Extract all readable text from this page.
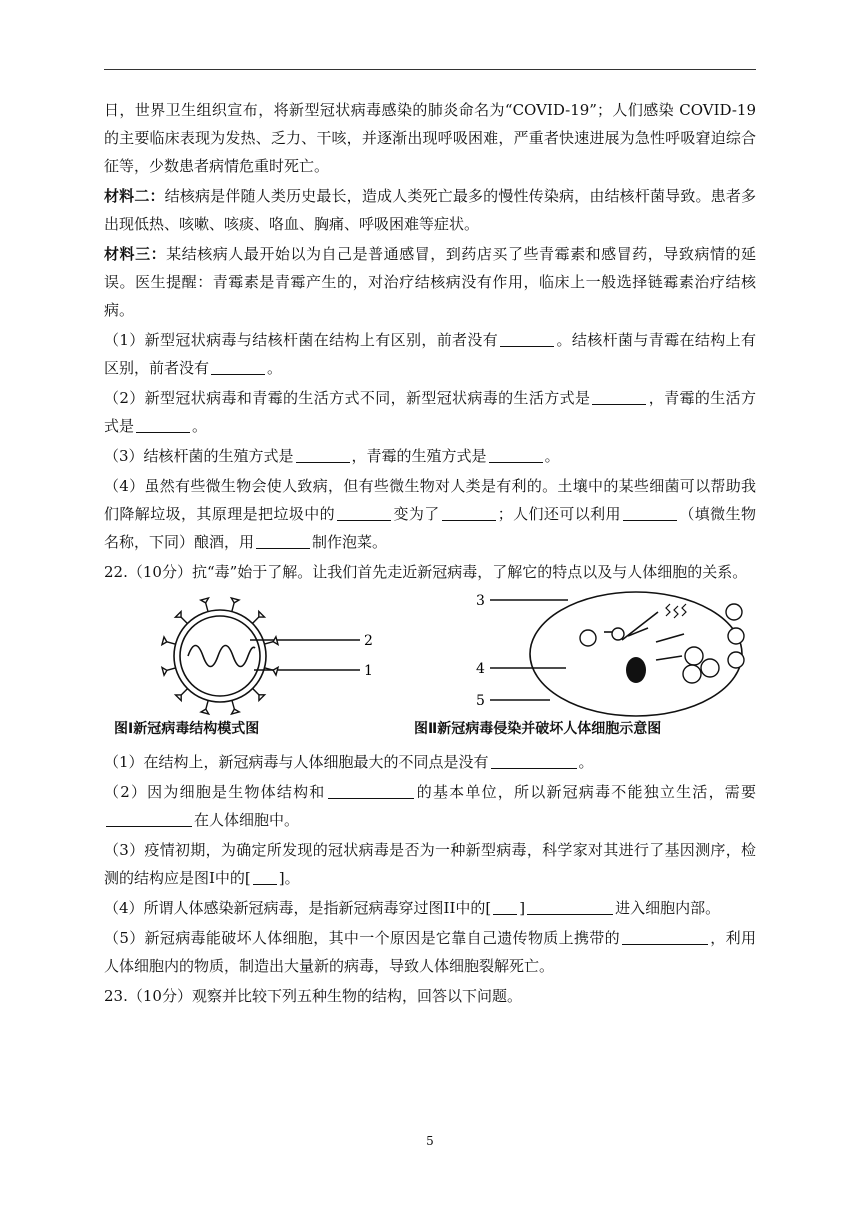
日，世界卫生组织宣布，将新型冠状病毒感染的肺炎命名为“COVID-19”；人们感染 COVID-19 的主要临床表现为发热、乏力、干咳，并逐渐出现呼吸困难，严重者快速进展为急性呼吸窘迫综合征等，少数患者病情危重时死亡。

材料二：结核病是伴随人类历史最长，造成人类死亡最多的慢性传染病，由结核杆菌导致。患者多出现低热、咳嗽、咳痰、咯血、胸痛、呼吸困难等症状。

材料三：某结核病人最开始以为自己是普通感冒，到药店买了些青霉素和感冒药，导致病情的延误。医生提醒：青霉素是青霉产生的，对治疗结核病没有作用，临床上一般选择链霉素治疗结核病。

（1）新型冠状病毒与结核杆菌在结构上有区别，前者没有	。结核杆菌与青霉在结构上有区别，前者没有	。

（2）新型冠状病毒和青霉的生活方式不同，新型冠状病毒的生活方式是	，青霉的生活方式是	。

（3）结核杆菌的生殖方式是	，青霉的生殖方式是	。

（4）虽然有些微生物会使人致病，但有些微生物对人类是有利的。土壤中的某些细菌可以帮助我们降解垃圾，其原理是把垃圾中的	变为了	；人们还可以利用	（填微生物名称，下同）酿酒，用	制作泡菜。

22.（10分）抗“毒”始于了解。让我们首先走近新冠病毒，了解它的特点以及与人体细胞的关系。

2
1
3
4
5
图Ⅰ新冠病毒结构模式图	图Ⅱ新冠病毒侵染并破坏人体细胞示意图

（1）在结构上，新冠病毒与人体细胞最大的不同点是没有	。

（2）因为细胞是生物体结构和	的基本单位，所以新冠病毒不能独立生活，需要在人体细胞中。

（3）疫情初期，为确定所发现的冠状病毒是否为一种新型病毒，科学家对其进行了基因测序，检测的结构应是图I中的[ ]。

（4）所谓人体感染新冠病毒，是指新冠病毒穿过图II中的[ ]	进入细胞内部。

（5）新冠病毒能破坏人体细胞，其中一个原因是它靠自己遗传物质上携带的	，利用人体细胞内的物质，制造出大量新的病毒，导致人体细胞裂解死亡。

23.（10分）观察并比较下列五种生物的结构，回答以下问题。

5
